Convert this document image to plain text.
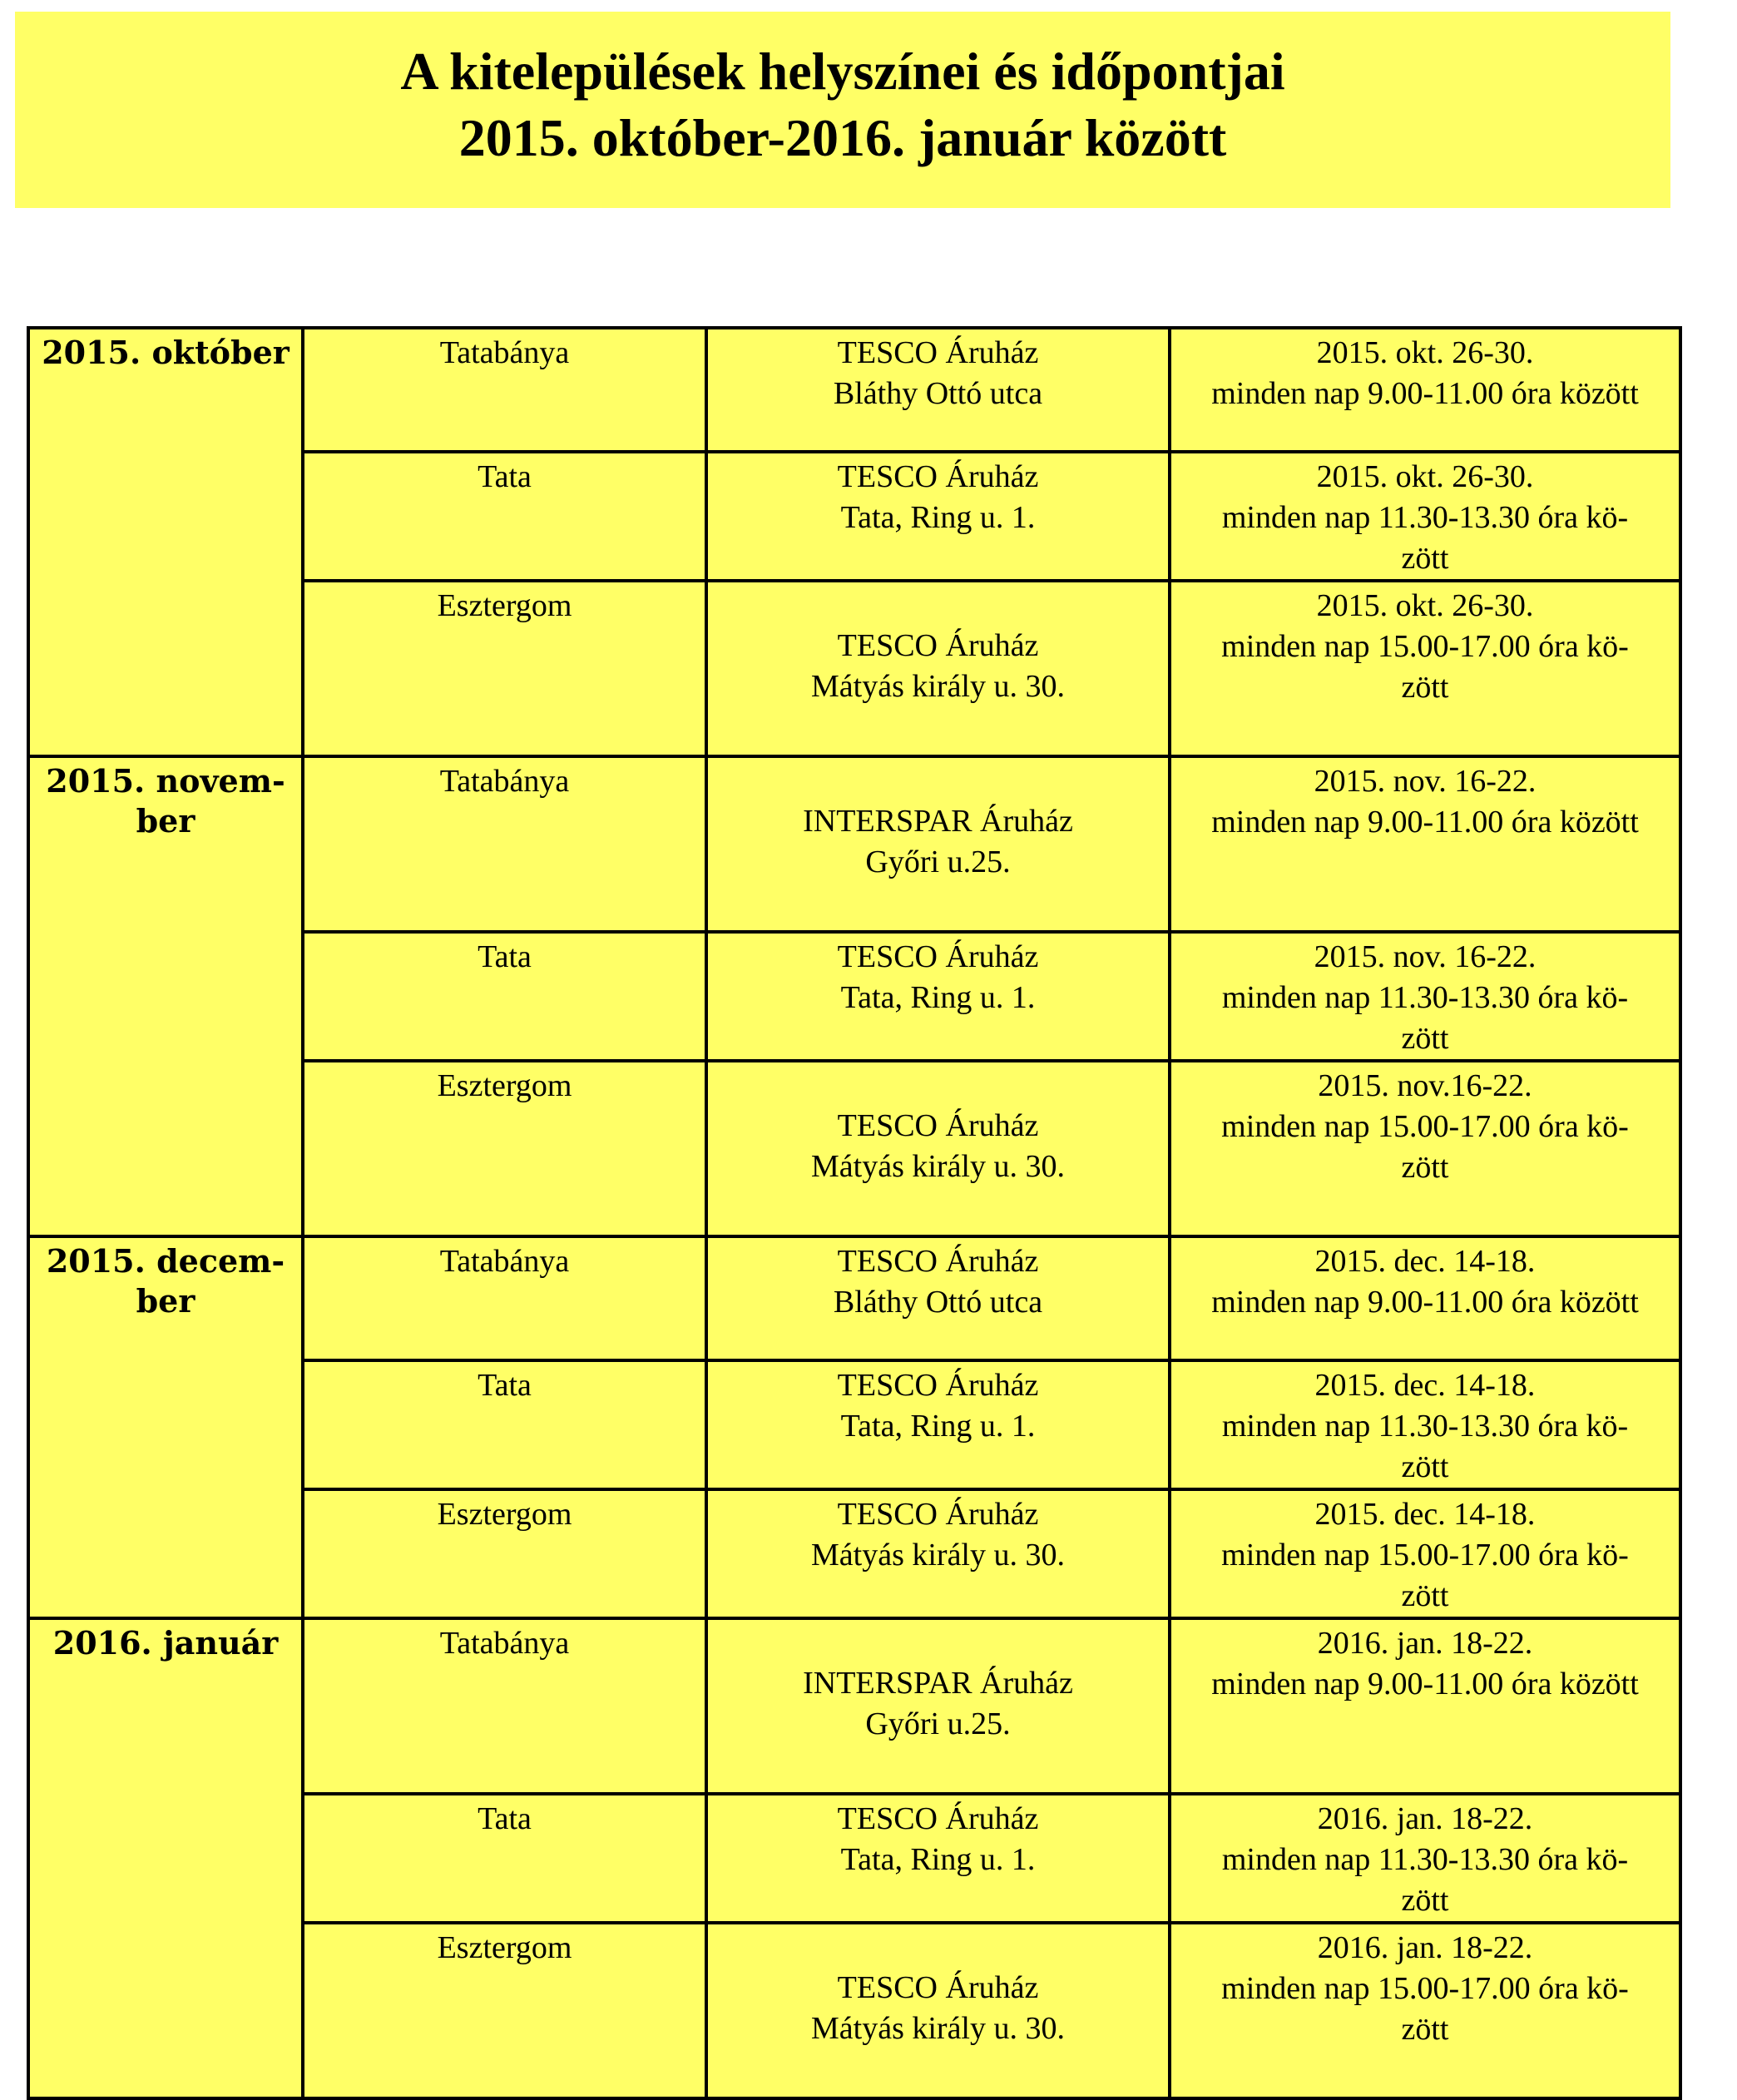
A kitelepülések helyszínei és időpontjai
2015. október-2016. január között
2015. október	Tatabánya	TESCO Áruház
Bláthy Ottó utca	2015. okt. 26-30.
minden nap 9.00-11.00 óra között

	Tata	TESCO Áruház
Tata, Ring u. 1.	2015. okt. 26-30.
minden nap 11.30-13.30 óra kö-
zött

	Esztergom	TESCO Áruház
Mátyás király u. 30.	2015. okt. 26-30.
minden nap 15.00-17.00 óra kö-
zött

2015. novem-
ber	Tatabánya	INTERSPAR Áruház
Győri u.25.	2015. nov. 16-22.
minden nap 9.00-11.00 óra között

	Tata	TESCO Áruház
Tata, Ring u. 1.	2015. nov. 16-22.
minden nap 11.30-13.30 óra kö-
zött

	Esztergom	TESCO Áruház
Mátyás király u. 30.	2015. nov.16-22.
minden nap 15.00-17.00 óra kö-
zött

2015. decem-
ber	Tatabánya	TESCO Áruház
Bláthy Ottó utca	2015. dec. 14-18.
minden nap 9.00-11.00 óra között

	Tata	TESCO Áruház
Tata, Ring u. 1.	2015. dec. 14-18.
minden nap 11.30-13.30 óra kö-
zött

	Esztergom	TESCO Áruház
Mátyás király u. 30.	2015. dec. 14-18.
minden nap 15.00-17.00 óra kö-
zött

2016. január	Tatabánya	INTERSPAR Áruház
Győri u.25.	2016. jan. 18-22.
minden nap 9.00-11.00 óra között

	Tata	TESCO Áruház
Tata, Ring u. 1.	2016. jan. 18-22.
minden nap 11.30-13.30 óra kö-
zött

	Esztergom	TESCO Áruház
Mátyás király u. 30.	2016. jan. 18-22.
minden nap 15.00-17.00 óra kö-
zött
